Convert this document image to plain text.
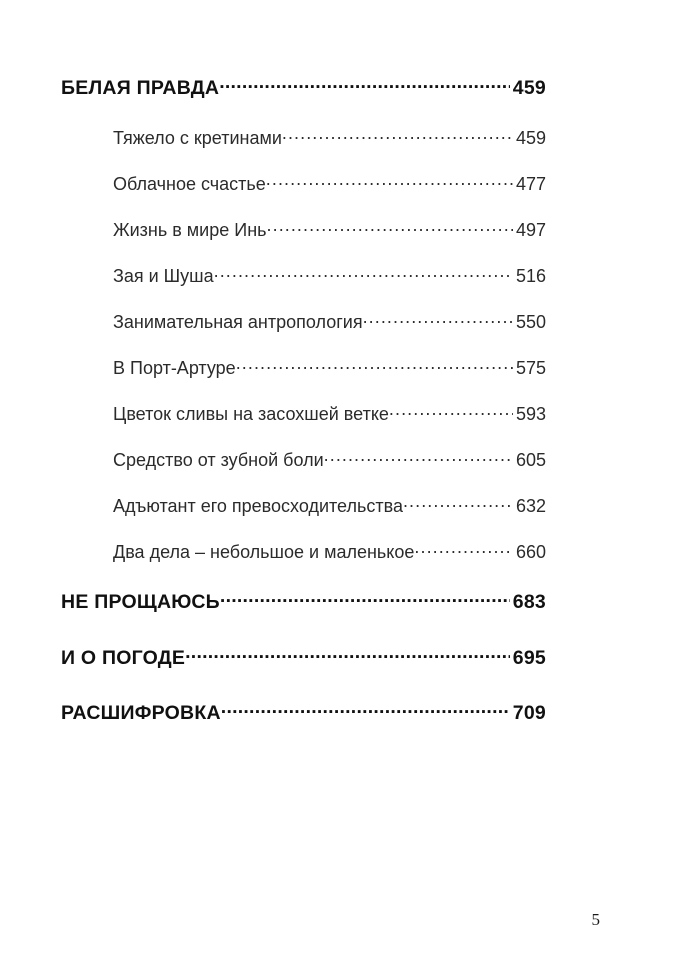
БЕЛАЯ ПРАВДА .....	459
Тяжело с кретинами .....	459
Облачное счастье .....	477
Жизнь в мире Инь .....	497
Зая и Шуша .....	516
Занимательная антропология .....	550
В Порт-Артуре .....	575
Цветок сливы на засохшей ветке .....	593
Средство от зубной боли .....	605
Адъютант его превосходительства .....	632
Два дела – небольшое и маленькое .....	660
НЕ ПРОЩАЮСЬ .....	683
И О ПОГОДЕ .....	695
РАСШИФРОВКА .....	709
5
